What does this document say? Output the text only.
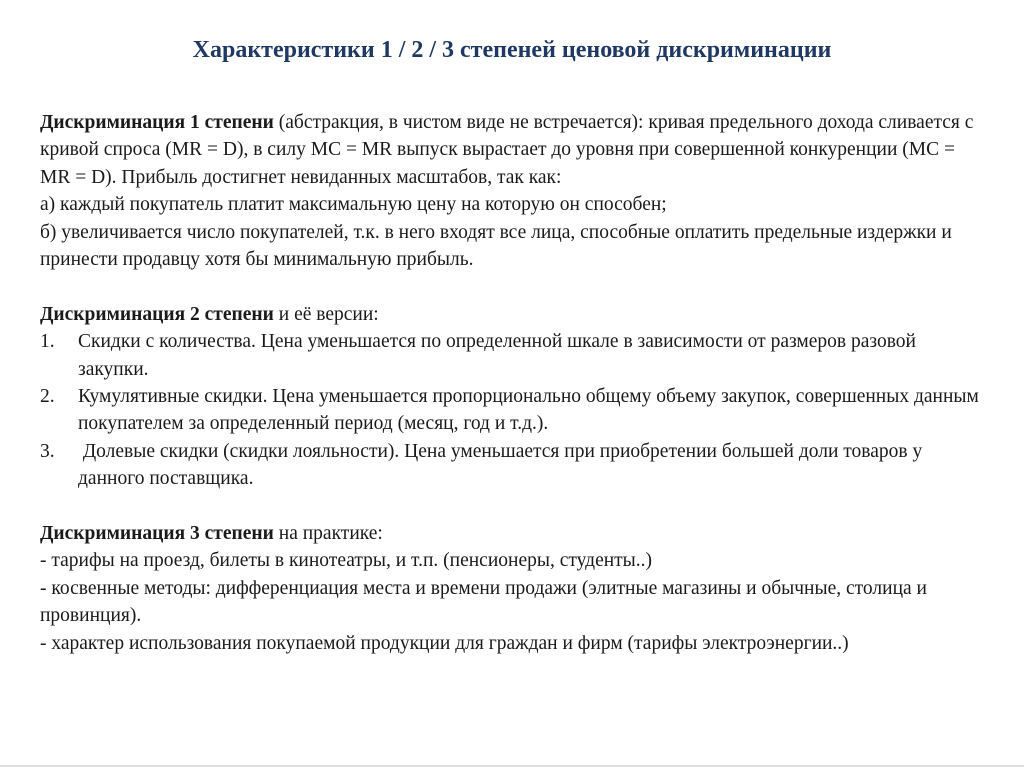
Характеристики 1 / 2 / 3 степеней ценовой дискриминации

Дискриминация 1 степени (абстракция, в чистом виде не встречается): кривая предельного дохода сливается с кривой спроса (MR = D), в силу MC = MR выпуск вырастает до уровня при совершенной конкуренции (MC = MR = D). Прибыль достигнет невиданных масштабов, так как:

а) каждый покупатель платит максимальную цену на которую он способен;

б) увеличивается число покупателей, т.к. в него входят все лица, способные оплатить предельные издержки и принести продавцу хотя бы минимальную прибыль.

Дискриминация 2 степени и её версии:

1.	Скидки с количества. Цена уменьшается по определенной шкале в зависимости от размеров разовой закупки.
2.	Кумулятивные скидки. Цена уменьшается пропорционально общему объему закупок, совершенных данным покупателем за определенный период (месяц, год и т.д.).
3.	Долевые скидки (скидки лояльности). Цена уменьшается при приобретении большей доли товаров у данного поставщика.

Дискриминация 3 степени на практике:

- тарифы на проезд, билеты в кинотеатры, и т.п. (пенсионеры, студенты..)

- косвенные методы: дифференциация места и времени продажи (элитные магазины и обычные, столица и провинция).

- характер использования покупаемой продукции для граждан и фирм (тарифы электроэнергии..)
